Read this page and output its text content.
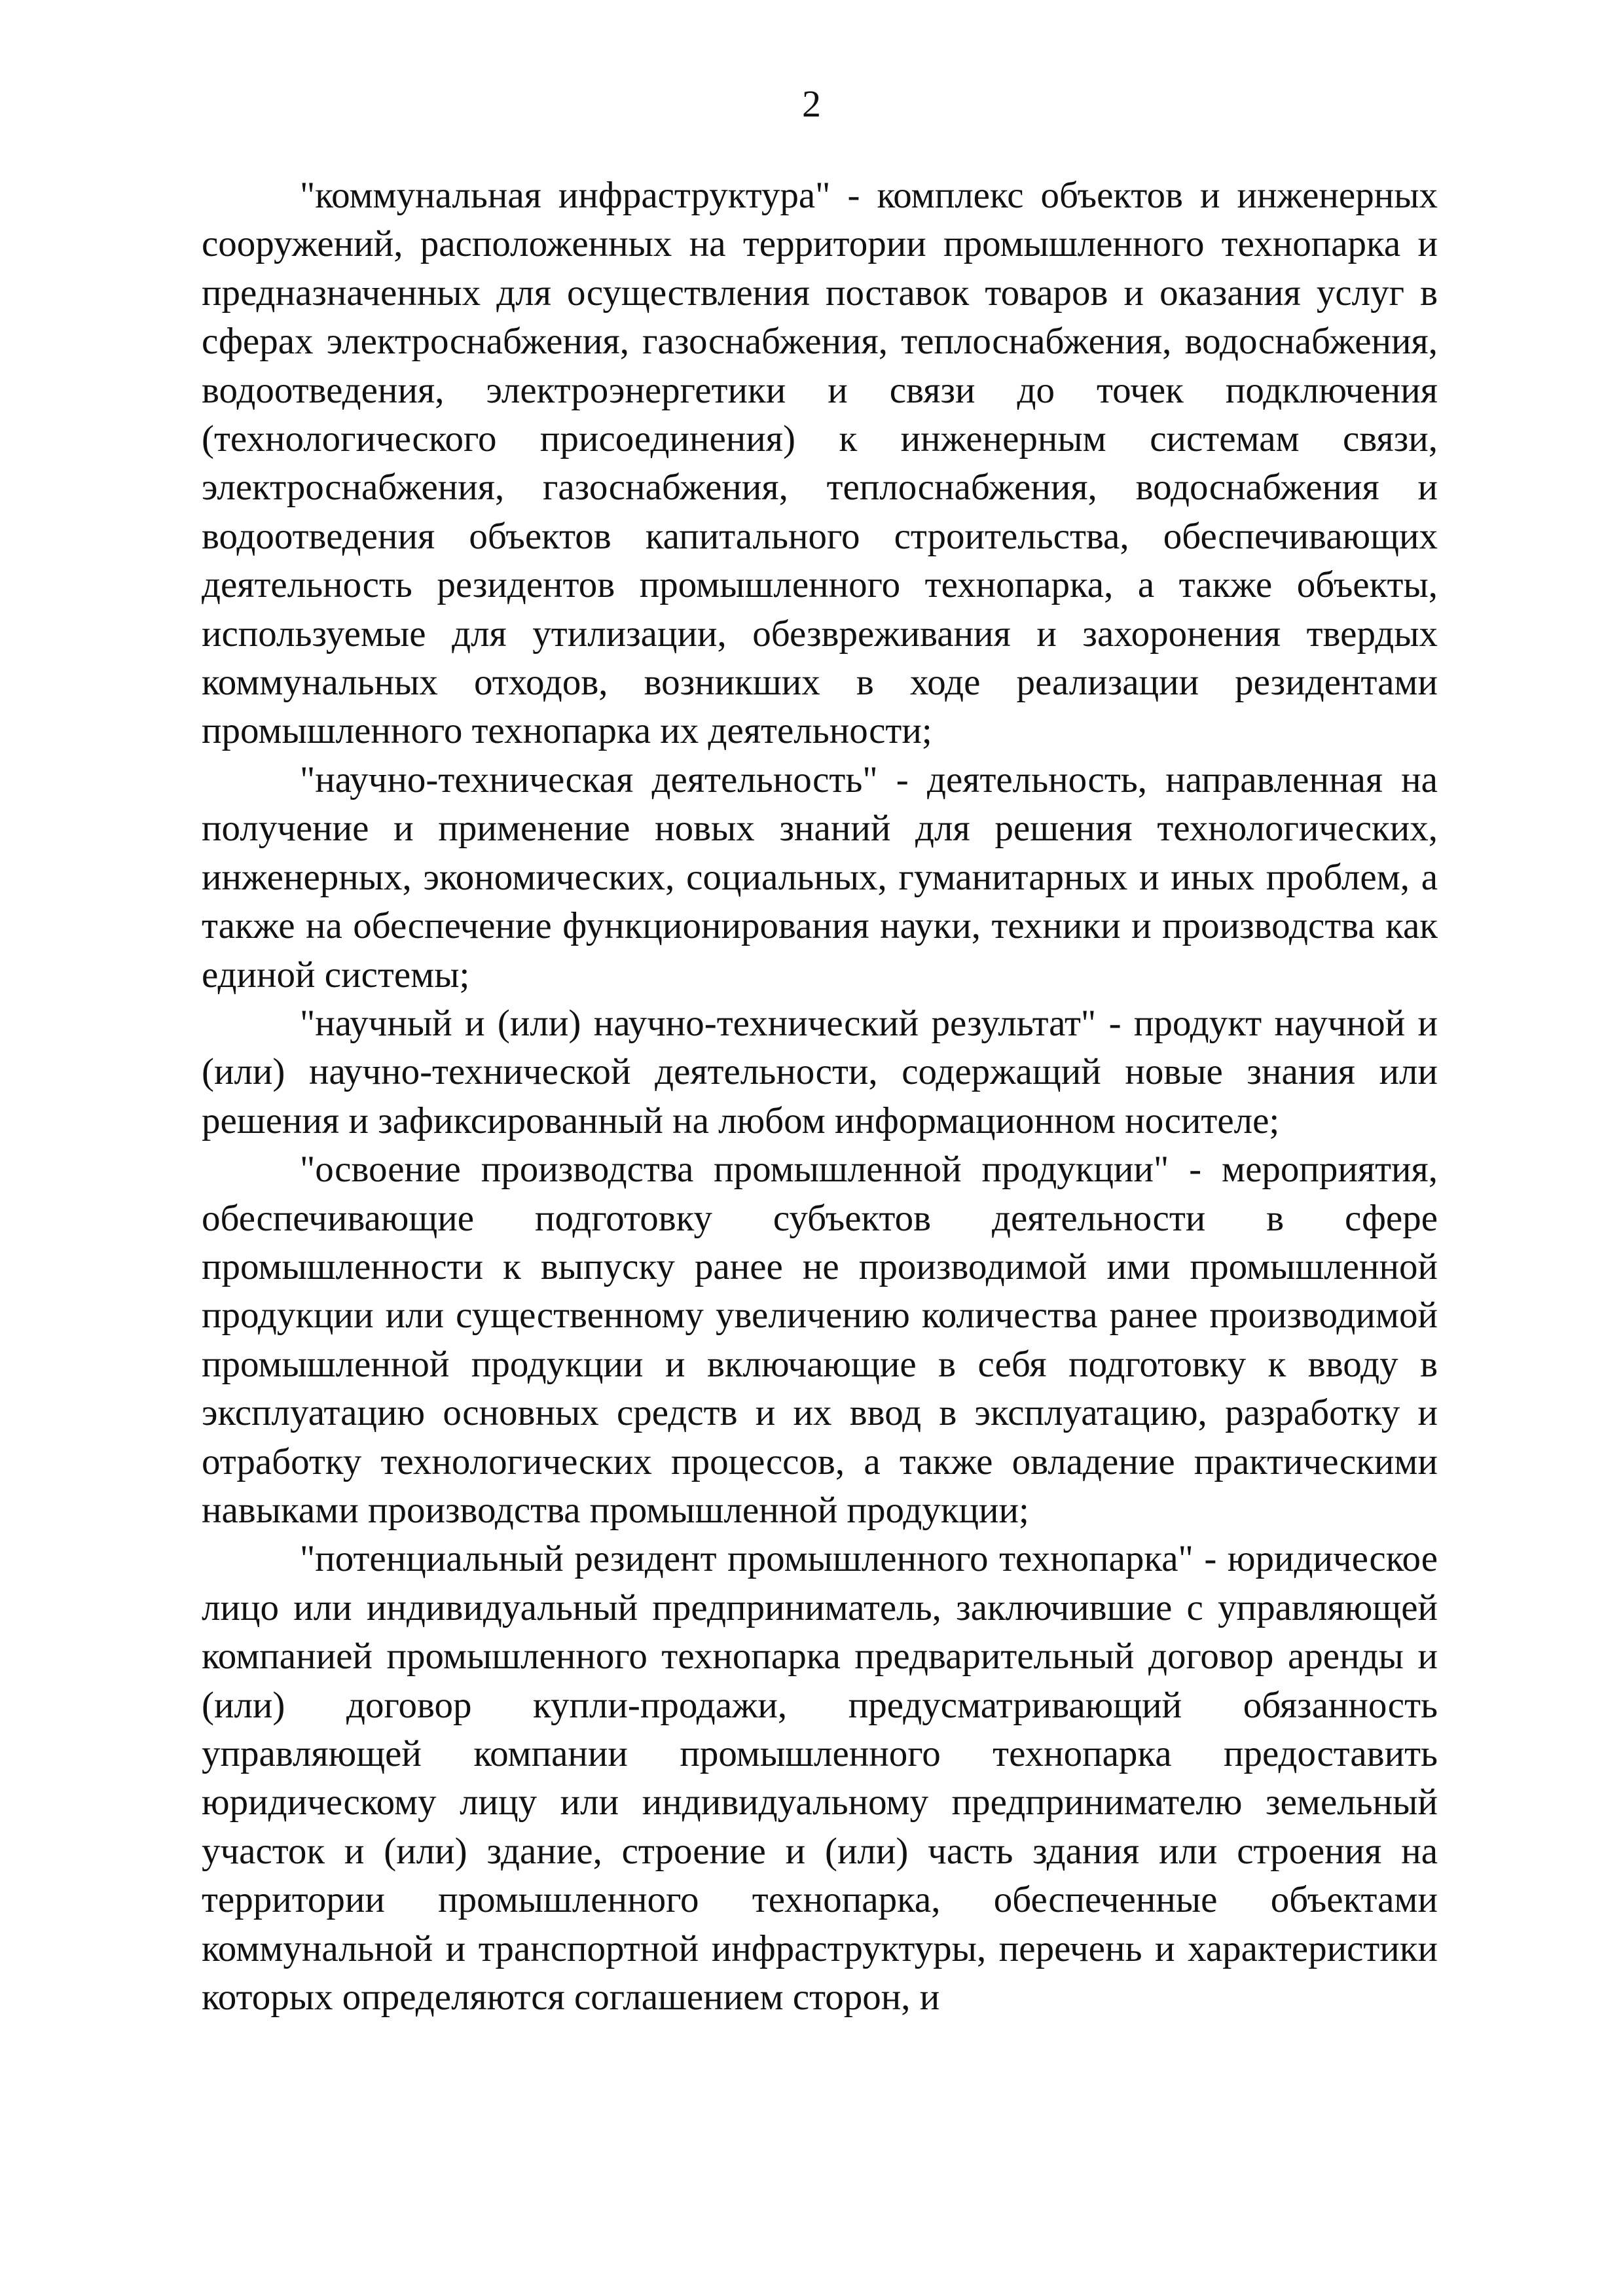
2

"коммунальная инфраструктура" - комплекс объектов и инженерных сооружений, расположенных на территории промышленного технопарка и предназначенных для осуществления поставок товаров и оказания услуг в сферах электроснабжения, газоснабжения, теплоснабжения, водоснабжения, водоотведения, электроэнергетики и связи до точек подключения (технологического присоединения) к инженерным системам связи, электроснабжения, газоснабжения, теплоснабжения, водоснабжения и водоотведения объектов капитального строительства, обеспечивающих деятельность резидентов промышленного технопарка, а также объекты, используемые для утилизации, обезвреживания и захоронения твердых коммунальных отходов, возникших в ходе реализации резидентами промышленного технопарка их деятельности;

"научно-техническая деятельность" - деятельность, направленная на получение и применение новых знаний для решения технологических, инженерных, экономических, социальных, гуманитарных и иных проблем, а также на обеспечение функционирования науки, техники и производства как единой системы;

"научный и (или) научно-технический результат" - продукт научной и (или) научно-технической деятельности, содержащий новые знания или решения и зафиксированный на любом информационном носителе;

"освоение производства промышленной продукции" - мероприятия, обеспечивающие подготовку субъектов деятельности в сфере промышленности к выпуску ранее не производимой ими промышленной продукции или существенному увеличению количества ранее производимой промышленной продукции и включающие в себя подготовку к вводу в эксплуатацию основных средств и их ввод в эксплуатацию, разработку и отработку технологических процессов, а также овладение практическими навыками производства промышленной продукции;

"потенциальный резидент промышленного технопарка" - юридическое лицо или индивидуальный предприниматель, заключившие с управляющей компанией промышленного технопарка предварительный договор аренды и (или) договор купли-продажи, предусматривающий обязанность управляющей компании промышленного технопарка предоставить юридическому лицу или индивидуальному предпринимателю земельный участок и (или) здание, строение и (или) часть здания или строения на территории промышленного технопарка, обеспеченные объектами коммунальной и транспортной инфраструктуры, перечень и характеристики которых определяются соглашением сторон, и
